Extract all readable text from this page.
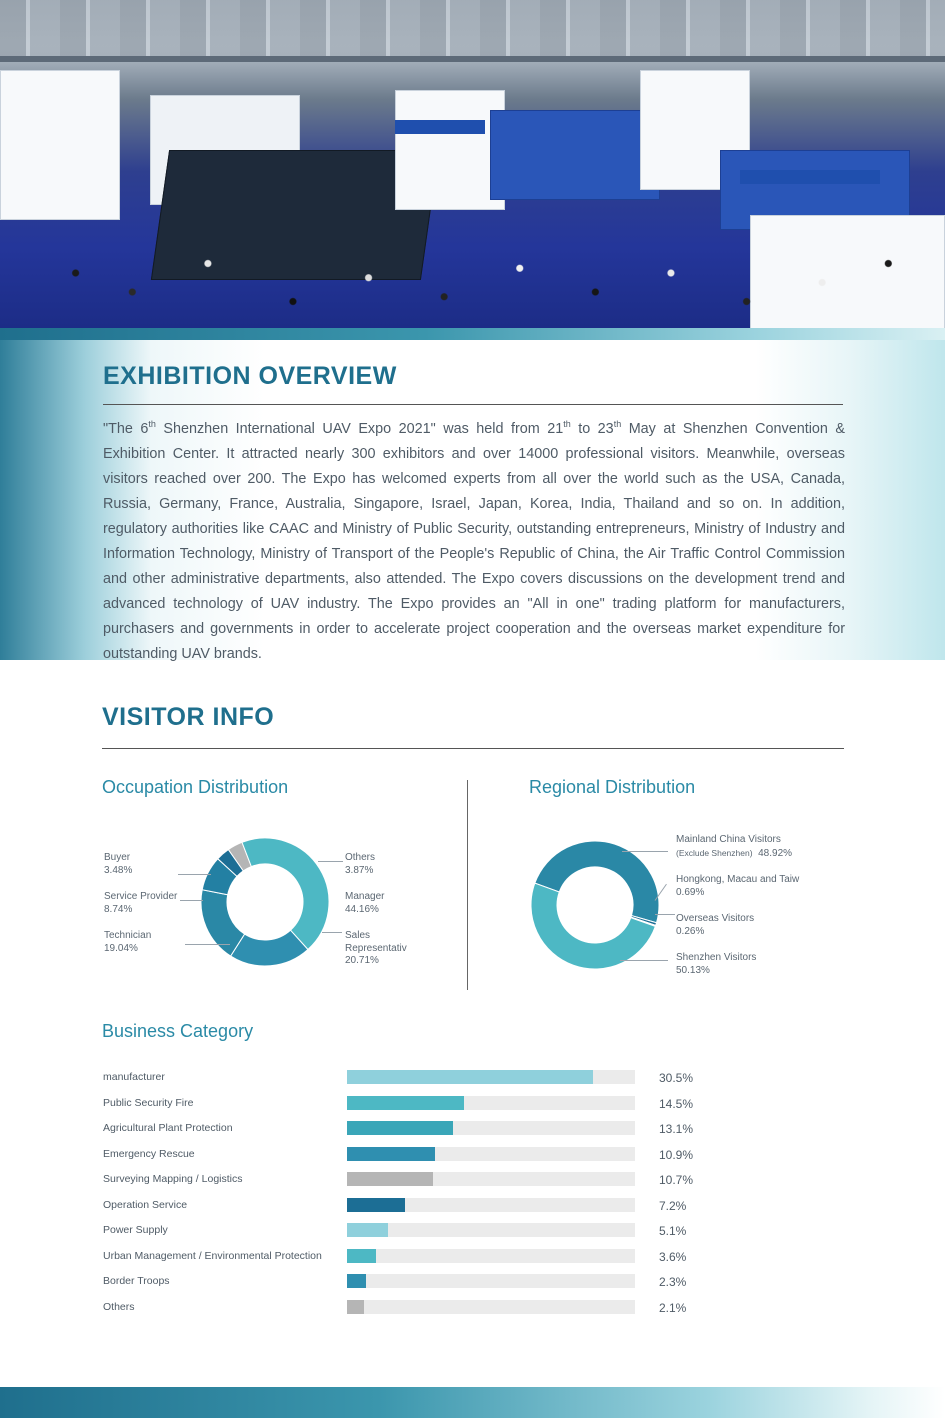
EXHIBITION OVERVIEW

"The 6th Shenzhen International UAV Expo 2021" was held from 21th to 23th May at Shenzhen Convention & Exhibition Center. It attracted nearly 300 exhibitors and over 14000 professional visitors. Meanwhile, overseas visitors reached over 200. The Expo has welcomed experts from all over the world such as the USA, Canada, Russia, Germany, France, Australia, Singapore, Israel, Japan, Korea, India, Thailand and so on. In addition, regulatory authorities like CAAC and Ministry of Public Security, outstanding entrepreneurs, Ministry of Industry and Information Technology, Ministry of Transport of the People's Republic of China, the Air Traffic Control Commission and other administrative departments, also attended. The Expo covers discussions on the development trend and advanced technology of UAV industry. The Expo provides an "All in one" trading platform for manufacturers, purchasers and governments in order to accelerate project cooperation and the overseas market expenditure for outstanding UAV brands.

VISITOR INFO
Occupation Distribution	Regional Distribution
Buyer
3.48%
Service Provider
8.74%
Technician
19.04%
Others
3.87%
Manager
44.16%
Sales
Representativ
20.71%
Mainland China Visitors
(Exclude Shenzhen) 48.92%
Hongkong, Macau and Taiw
0.69%
Overseas Visitors
0.26%
Shenzhen Visitors
50.13%
Business Category
manufacturer	30.5%
Public Security Fire	14.5%
Agricultural Plant Protection	13.1%
Emergency Rescue	10.9%
Surveying Mapping / Logistics	10.7%
Operation Service	7.2%
Power Supply	5.1%
Urban Management / Environmental Protection	3.6%
Border Troops	2.3%
Others	2.1%
